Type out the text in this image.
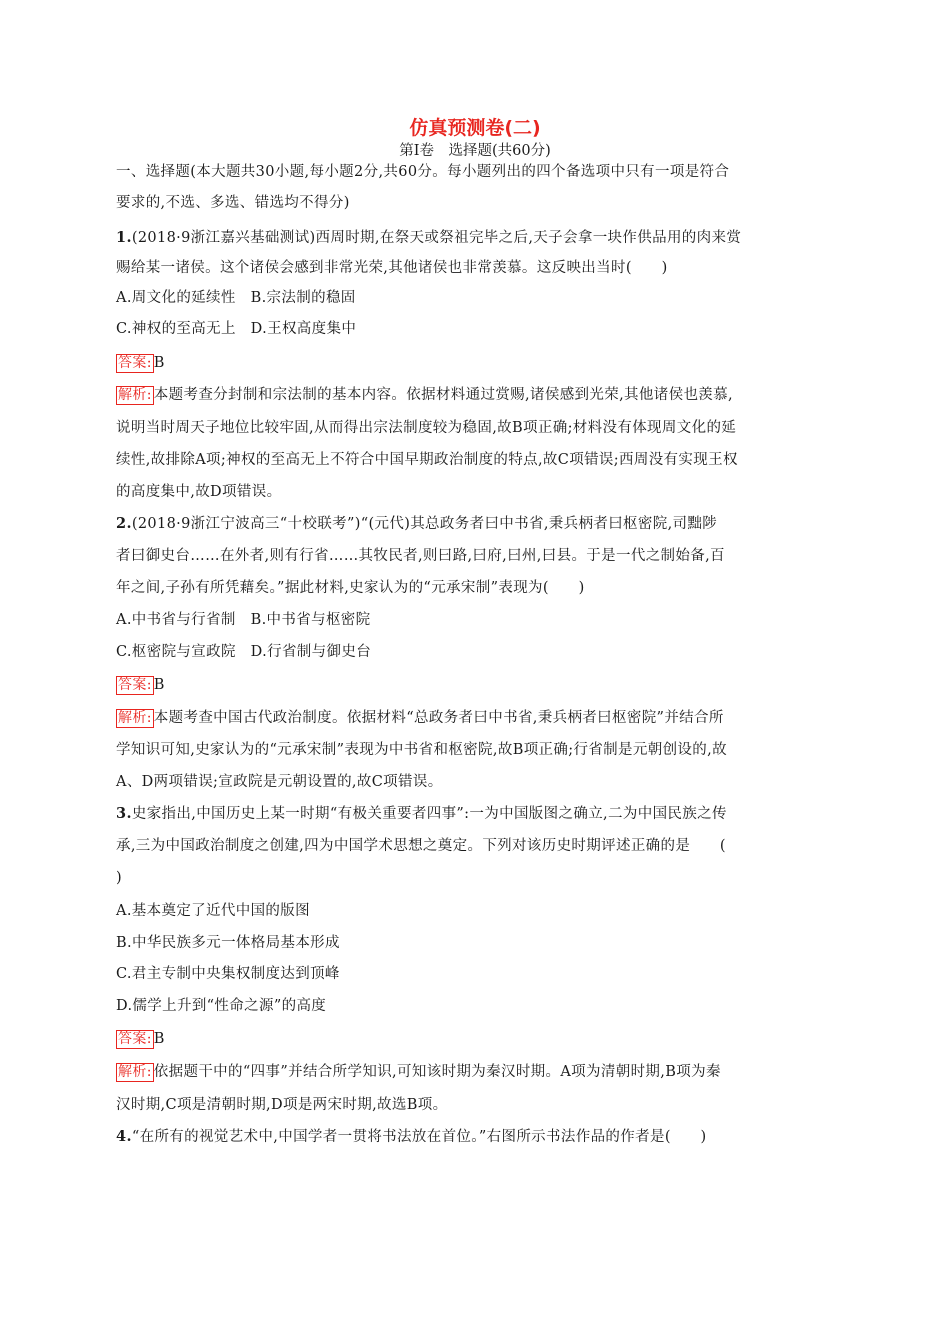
仿真预测卷(二)
第Ⅰ卷　选择题(共60分)
一、选择题(本大题共30小题,每小题2分,共60分。每小题列出的四个备选项中只有一项是符合
要求的,不选、多选、错选均不得分)
1.(2018·9浙江嘉兴基础测试)西周时期,在祭天或祭祖完毕之后,天子会拿一块作供品用的肉来赏
赐给某一诸侯。这个诸侯会感到非常光荣,其他诸侯也非常羡慕。这反映出当时(　　)
A.周文化的延续性　B.宗法制的稳固
C.神权的至高无上　D.王权高度集中
答案: B
解析: 本题考查分封制和宗法制的基本内容。依据材料通过赏赐,诸侯感到光荣,其他诸侯也羡慕,
说明当时周天子地位比较牢固,从而得出宗法制度较为稳固,故B项正确;材料没有体现周文化的延
续性,故排除A项;神权的至高无上不符合中国早期政治制度的特点,故C项错误;西周没有实现王权
的高度集中,故D项错误。
2.(2018·9浙江宁波高三“十校联考”)“(元代)其总政务者曰中书省,秉兵柄者曰枢密院,司黜陟
者曰御史台……在外者,则有行省……其牧民者,则曰路,曰府,曰州,曰县。于是一代之制始备,百
年之间,子孙有所凭藉矣。”据此材料,史家认为的“元承宋制”表现为(　　)
A.中书省与行省制　B.中书省与枢密院
C.枢密院与宣政院　D.行省制与御史台
答案: B
解析: 本题考查中国古代政治制度。依据材料“总政务者曰中书省,秉兵柄者曰枢密院”并结合所
学知识可知,史家认为的“元承宋制”表现为中书省和枢密院,故B项正确;行省制是元朝创设的,故
A、D两项错误;宣政院是元朝设置的,故C项错误。
3.史家指出,中国历史上某一时期“有极关重要者四事”:一为中国版图之确立,二为中国民族之传
承,三为中国政治制度之创建,四为中国学术思想之奠定。下列对该历史时期评述正确的是　　(
)
A.基本奠定了近代中国的版图
B.中华民族多元一体格局基本形成
C.君主专制中央集权制度达到顶峰
D.儒学上升到“性命之源”的高度
答案: B
解析: 依据题干中的“四事”并结合所学知识,可知该时期为秦汉时期。A项为清朝时期,B项为秦
汉时期,C项是清朝时期,D项是两宋时期,故选B项。
4.“在所有的视觉艺术中,中国学者一贯将书法放在首位。”右图所示书法作品的作者是(　　)
